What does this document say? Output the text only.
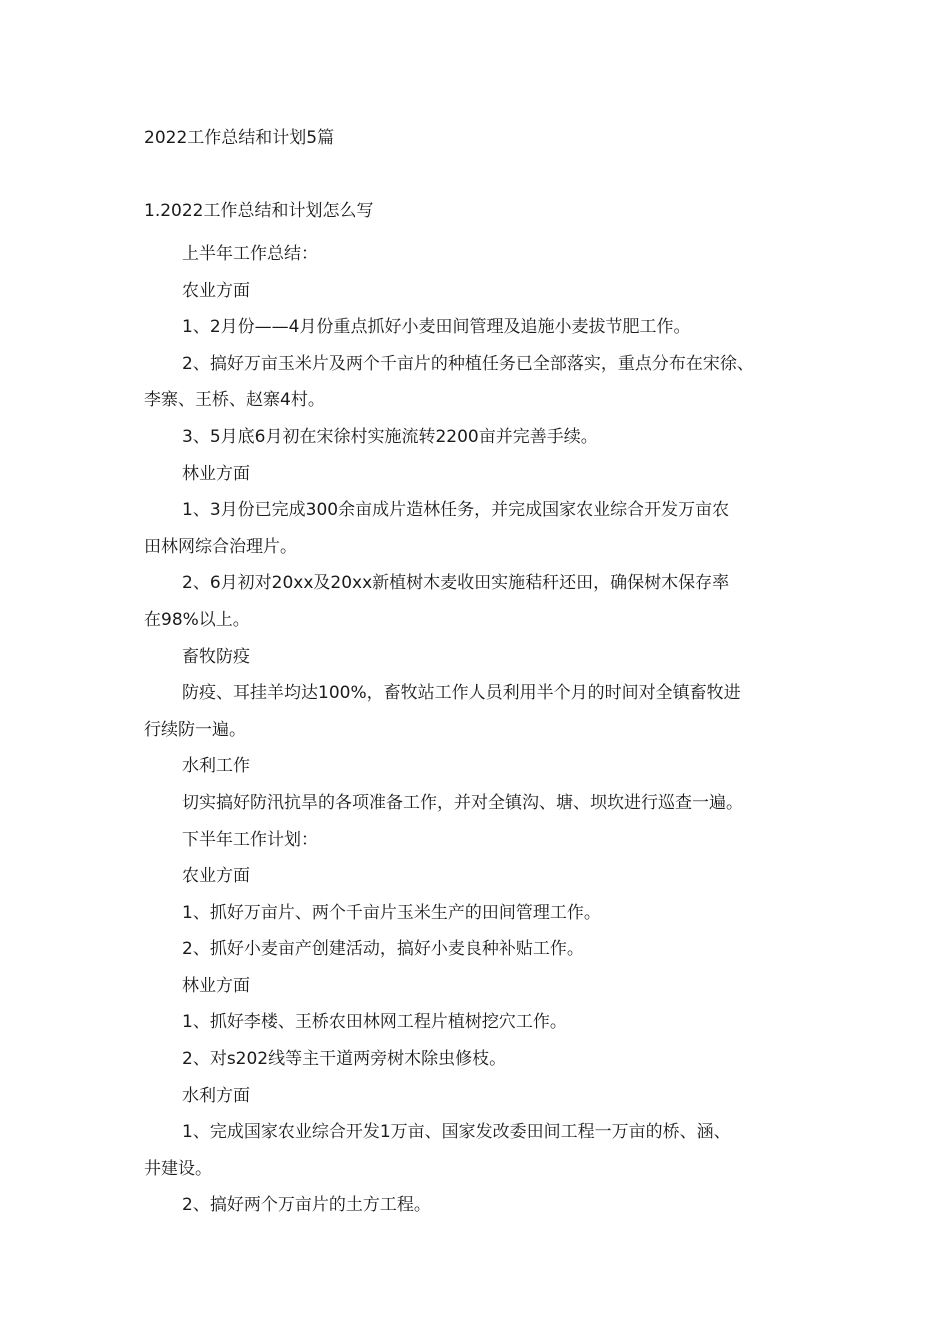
2022工作总结和计划5篇
1.2022工作总结和计划怎么写

上半年工作总结：

农业方面

1、2月份——4月份重点抓好小麦田间管理及追施小麦拔节肥工作。

2、搞好万亩玉米片及两个千亩片的种植任务已全部落实，重点分布在宋徐、

李寨、王桥、赵寨4村。

3、5月底6月初在宋徐村实施流转2200亩并完善手续。

林业方面

1、3月份已完成300余亩成片造林任务，并完成国家农业综合开发万亩农

田林网综合治理片。

2、6月初对20xx及20xx新植树木麦收田实施秸秆还田，确保树木保存率

在98%以上。

畜牧防疫

防疫、耳挂羊均达100%，畜牧站工作人员利用半个月的时间对全镇畜牧进

行续防一遍。

水利工作

切实搞好防汛抗旱的各项准备工作，并对全镇沟、塘、坝坎进行巡查一遍。

下半年工作计划：

农业方面

1、抓好万亩片、两个千亩片玉米生产的田间管理工作。

2、抓好小麦亩产创建活动，搞好小麦良种补贴工作。

林业方面

1、抓好李楼、王桥农田林网工程片植树挖穴工作。

2、对s202线等主干道两旁树木除虫修枝。

水利方面

1、完成国家农业综合开发1万亩、国家发改委田间工程一万亩的桥、涵、

井建设。

2、搞好两个万亩片的土方工程。
